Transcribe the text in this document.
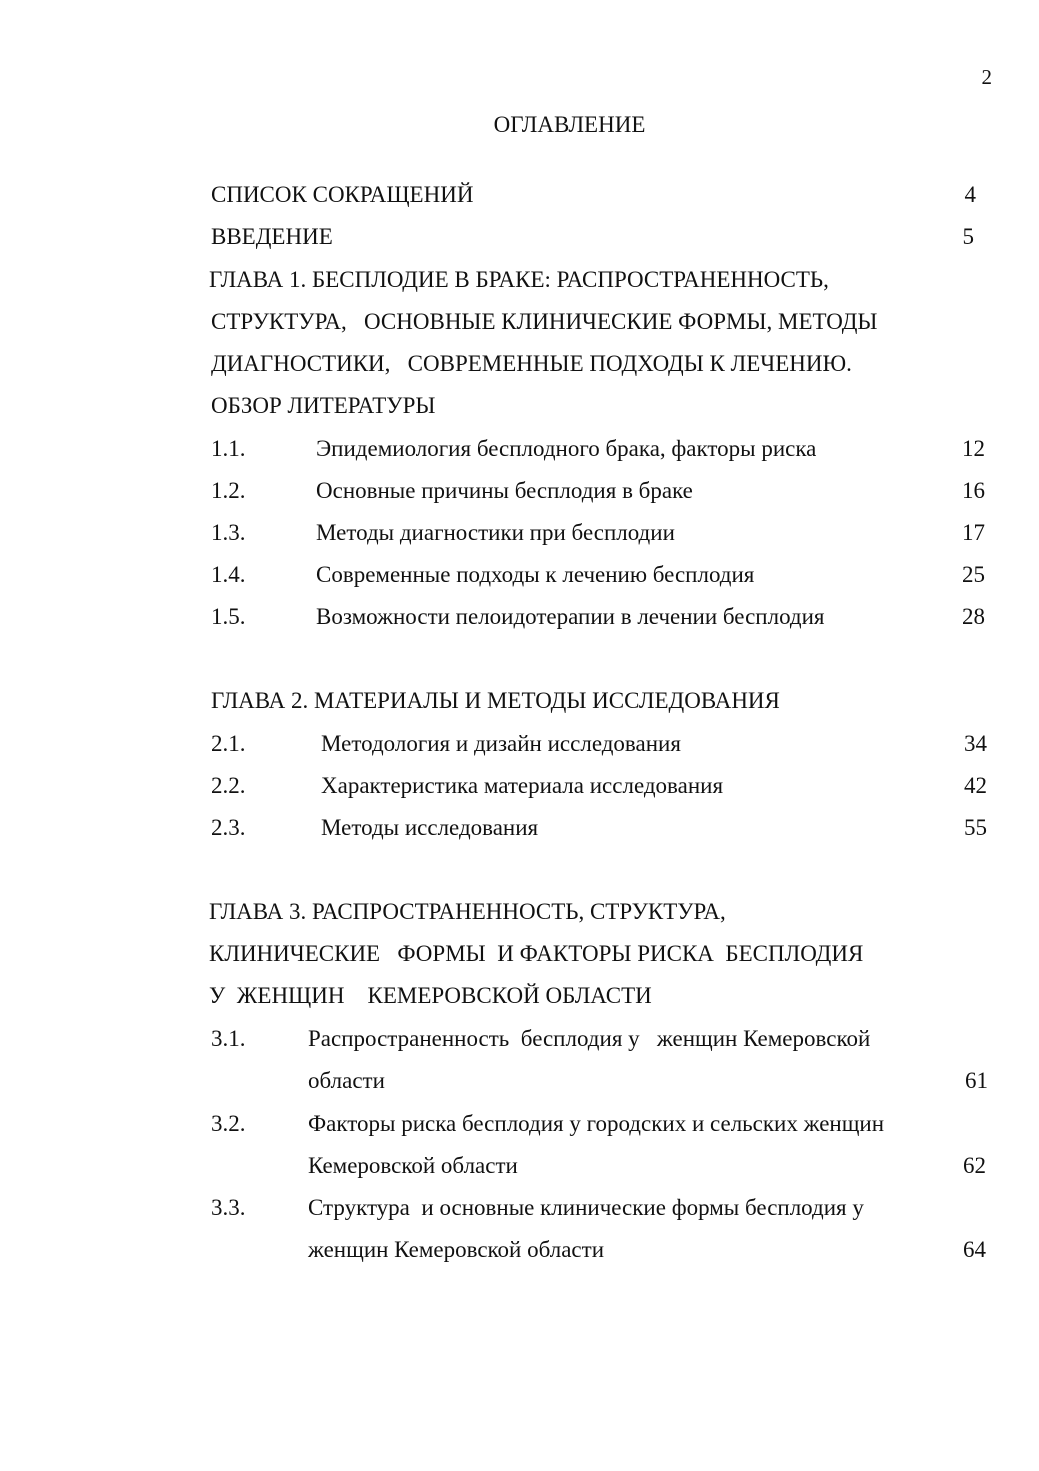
2
ОГЛАВЛЕНИЕ
СПИСОК СОКРАЩЕНИЙ	4
ВВЕДЕНИЕ	5
ГЛАВА 1. БЕСПЛОДИЕ В БРАКЕ: РАСПРОСТРАНЕННОСТЬ,
СТРУКТУРА,   ОСНОВНЫЕ КЛИНИЧЕСКИЕ ФОРМЫ, МЕТОДЫ
ДИАГНОСТИКИ,   СОВРЕМЕННЫЕ ПОДХОДЫ К ЛЕЧЕНИЮ.
ОБЗОР ЛИТЕРАТУРЫ
1.1.	Эпидемиология бесплодного брака, факторы риска	12
1.2.	Основные причины бесплодия в браке	16
1.3.	Методы диагностики при бесплодии	17
1.4.	Современные подходы к лечению бесплодия	25
1.5.	Возможности пелоидотерапии в лечении бесплодия	28
ГЛАВА 2. МАТЕРИАЛЫ И МЕТОДЫ ИССЛЕДОВАНИЯ
2.1.	Методология и дизайн исследования	34
2.2.	Характеристика материала исследования	42
2.3.	Методы исследования	55
ГЛАВА 3. РАСПРОСТРАНЕННОСТЬ, СТРУКТУРА,
КЛИНИЧЕСКИЕ   ФОРМЫ  И ФАКТОРЫ РИСКА  БЕСПЛОДИЯ
У  ЖЕНЩИН    КЕМЕРОВСКОЙ ОБЛАСТИ
3.1.	Распространенность  бесплодия у   женщин Кемеровской
области	61
3.2.	Факторы риска бесплодия у городских и сельских женщин
Кемеровской области	62
3.3.	Структура  и основные клинические формы бесплодия у
женщин Кемеровской области	64
